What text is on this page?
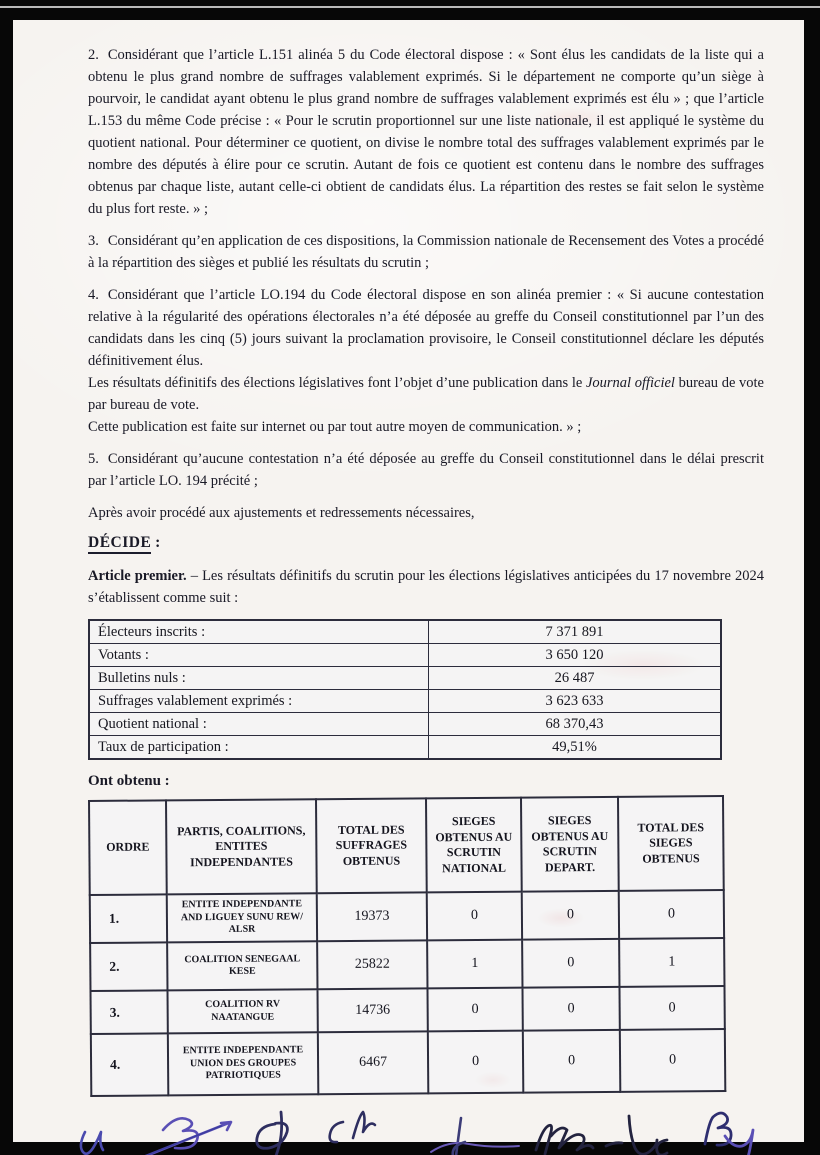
2. Considérant que l’article L.151 alinéa 5 du Code électoral dispose : « Sont élus les candidats de la liste qui a obtenu le plus grand nombre de suffrages valablement exprimés. Si le département ne comporte qu’un siège à pourvoir, le candidat ayant obtenu le plus grand nombre de suffrages valablement exprimés est élu » ; que l’article L.153 du même Code précise : « Pour le scrutin proportionnel sur une liste nationale, il est appliqué le système du quotient national. Pour déterminer ce quotient, on divise le nombre total des suffrages valablement exprimés par le nombre des députés à élire pour ce scrutin. Autant de fois ce quotient est contenu dans le nombre des suffrages obtenus par chaque liste, autant celle-ci obtient de candidats élus. La répartition des restes se fait selon le système du plus fort reste. » ;

3. Considérant qu’en application de ces dispositions, la Commission nationale de Recensement des Votes a procédé à la répartition des sièges et publié les résultats du scrutin ;

4. Considérant que l’article LO.194 du Code électoral dispose en son alinéa premier : « Si aucune contestation relative à la régularité des opérations électorales n’a été déposée au greffe du Conseil constitutionnel par l’un des candidats dans les cinq (5) jours suivant la proclamation provisoire, le Conseil constitutionnel déclare les députés définitivement élus.
Les résultats définitifs des élections législatives font l’objet d’une publication dans le Journal officiel bureau de vote par bureau de vote.
Cette publication est faite sur internet ou par tout autre moyen de communication. » ;

5. Considérant qu’aucune contestation n’a été déposée au greffe du Conseil constitutionnel dans le délai prescrit par l’article LO. 194 précité ;

Après avoir procédé aux ajustements et redressements nécessaires,

DÉCIDE :

Article premier. – Les résultats définitifs du scrutin pour les élections législatives anticipées du 17 novembre 2024 s’établissent comme suit :

Électeurs inscrits :	7 371 891
Votants :	3 650 120
Bulletins nuls :	26 487
Suffrages valablement exprimés :	3 623 633
Quotient national :	68 370,43
Taux de participation :	49,51%

Ont obtenu :

ORDRE	PARTIS, COALITIONS, ENTITES INDEPENDANTES	TOTAL DES SUFFRAGES OBTENUS	SIEGES OBTENUS AU SCRUTIN NATIONAL	SIEGES OBTENUS AU SCRUTIN DEPART.	TOTAL DES SIEGES OBTENUS
1.	ENTITE INDEPENDANTE AND LIGUEY SUNU REW/ ALSR	19373	0	0	0
2.	COALITION SENEGAAL KESE	25822	1	0	1
3.	COALITION RV NAATANGUE	14736	0	0	0
4.	ENTITE INDEPENDANTE UNION DES GROUPES PATRIOTIQUES	6467	0	0	0
